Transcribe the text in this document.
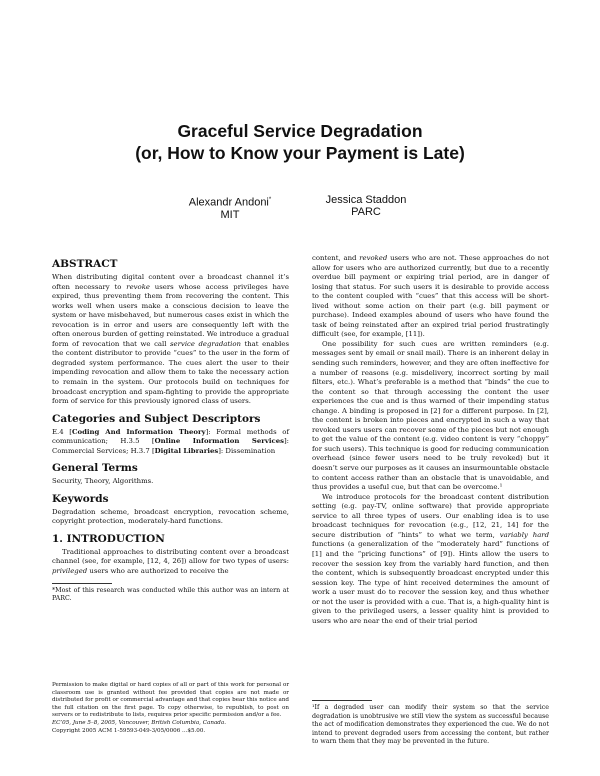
Graceful Service Degradation
(or, How to Know your Payment is Late)
Alexandr Andoni*
MIT
Jessica Staddon
PARC
ABSTRACT

When distributing digital content over a broadcast channel it’s often necessary to revoke users whose access privileges have expired, thus preventing them from recovering the content. This works well when users make a conscious decision to leave the system or have misbehaved, but numerous cases exist in which the revocation is in error and users are consequently left with the often onerous burden of getting reinstated. We introduce a gradual form of revocation that we call service degradation that enables the content distributor to provide “cues” to the user in the form of degraded system performance. The cues alert the user to their impending revocation and allow them to take the necessary action to remain in the system. Our protocols build on techniques for broadcast encryption and spam-fighting to provide the appropriate form of service for this previously ignored class of users.

Categories and Subject Descriptors

E.4 [Coding And Information Theory]: Formal methods of communication; H.3.5 [Online Information Services]: Commercial Services; H.3.7 [Digital Libraries]: Dissemination

General Terms

Security, Theory, Algorithms.

Keywords

Degradation scheme, broadcast encryption, revocation scheme, copyright protection, moderately-hard functions.

1. INTRODUCTION

Traditional approaches to distributing content over a broadcast channel (see, for example, [12, 4, 26]) allow for two types of users: privileged users who are authorized to receive the

*Most of this research was conducted while this author was an intern at PARC.
Permission to make digital or hard copies of all or part of this work for personal or classroom use is granted without fee provided that copies are not made or distributed for profit or commercial advantage and that copies bear this notice and the full citation on the first page. To copy otherwise, to republish, to post on servers or to redistribute to lists, requires prior specific permission and/or a fee.
EC’05, June 5–8, 2005, Vancouver, British Columbia, Canada.
Copyright 2005 ACM 1-59593-049-3/05/0006 ...$5.00.

content, and revoked users who are not. These approaches do not allow for users who are authorized currently, but due to a recently overdue bill payment or expiring trial period, are in danger of losing that status. For such users it is desirable to provide access to the content coupled with “cues” that this access will be short-lived without some action on their part (e.g. bill payment or purchase). Indeed examples abound of users who have found the task of being reinstated after an expired trial period frustratingly difficult (see, for example, [11]).

One possibility for such cues are written reminders (e.g. messages sent by email or snail mail). There is an inherent delay in sending such reminders, however, and they are often ineffective for a number of reasons (e.g. misdelivery, incorrect sorting by mail filters, etc.). What’s preferable is a method that “binds” the cue to the content so that through accessing the content the user experiences the cue and is thus warned of their impending status change. A binding is proposed in [2] for a different purpose. In [2], the content is broken into pieces and encrypted in such a way that revoked users users can recover some of the pieces but not enough to get the value of the content (e.g. video content is very “choppy” for such users). This technique is good for reducing communication overhead (since fewer users need to be truly revoked) but it doesn’t serve our purposes as it causes an insurmountable obstacle to content access rather than an obstacle that is unavoidable, and thus provides a useful cue, but that can be overcome.¹

We introduce protocols for the broadcast content distribution setting (e.g. pay-TV, online software) that provide appropriate service to all three types of users. Our enabling idea is to use broadcast techniques for revocation (e.g., [12, 21, 14] for the secure distribution of “hints” to what we term, variably hard functions (a generalization of the “moderately hard” functions of [1] and the “pricing functions” of [9]). Hints allow the users to recover the session key from the variably hard function, and then the content, which is subsequently broadcast encrypted under this session key. The type of hint received determines the amount of work a user must do to recover the session key, and thus whether or not the user is provided with a cue. That is, a high-quality hint is given to the privileged users, a lesser quality hint is provided to users who are near the end of their trial period

¹If a degraded user can modify their system so that the service degradation is unobtrusive we still view the system as successful because the act of modification demonstrates they experienced the cue. We do not intend to prevent degraded users from accessing the content, but rather to warn them that they may be prevented in the future.
